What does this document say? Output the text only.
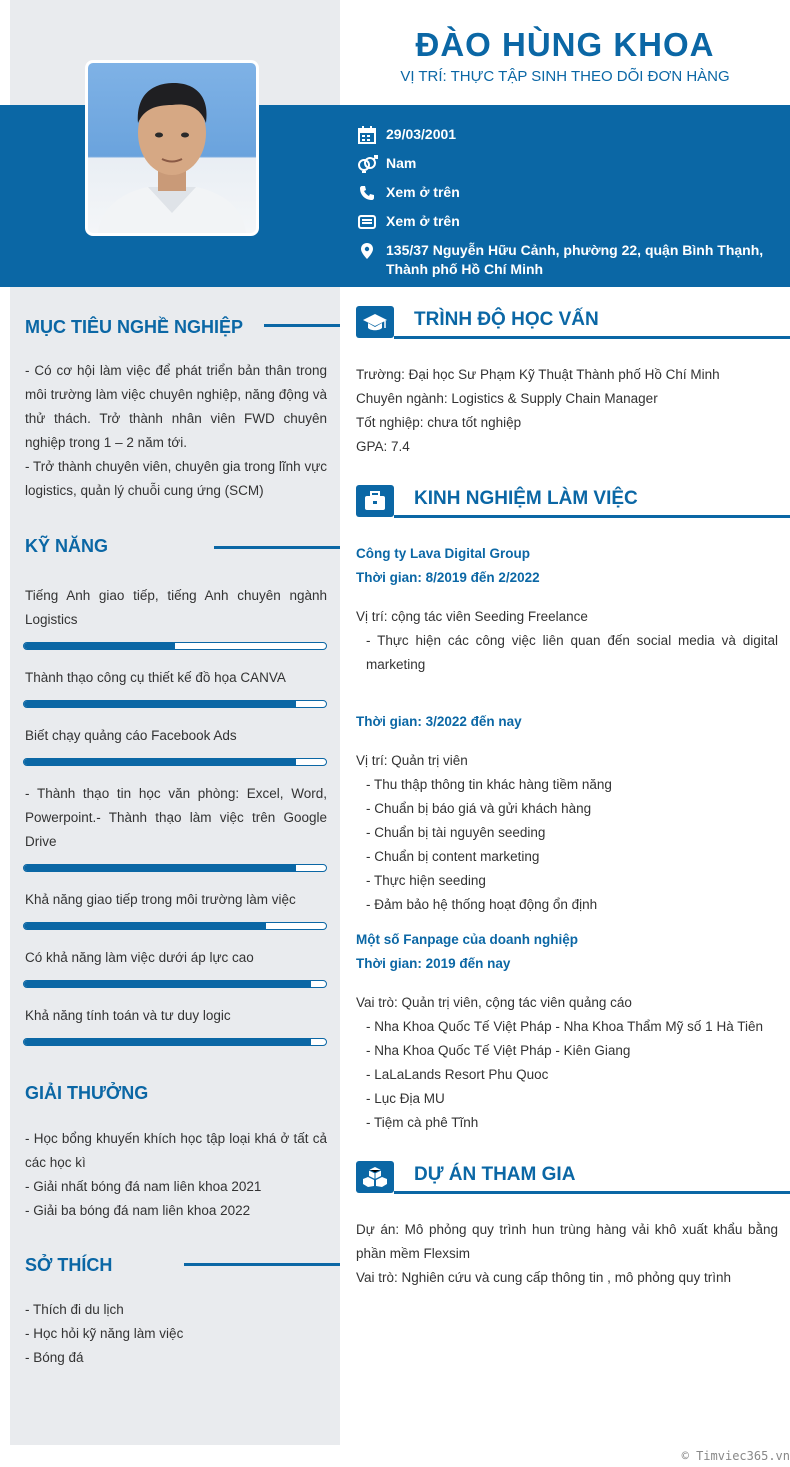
ĐÀO HÙNG KHOA
VỊ TRÍ: THỰC TẬP SINH THEO DÕI ĐƠN HÀNG
29/03/2001
Nam
Xem ở trên
Xem ở trên
135/37 Nguyễn Hữu Cảnh, phường 22, quận Bình Thạnh,
Thành phố Hồ Chí Minh
MỤC TIÊU NGHỀ NGHIỆP
- Có cơ hội làm việc để phát triển bản thân trong môi trường làm việc chuyên nghiệp, năng động và thử thách. Trở thành nhân viên FWD chuyên nghiệp trong 1 – 2 năm tới.
- Trở thành chuyên viên, chuyên gia trong lĩnh vực logistics, quản lý chuỗi cung ứng (SCM)
KỸ NĂNG
Tiếng Anh giao tiếp, tiếng Anh chuyên ngành Logistics
Thành thạo công cụ thiết kế đồ họa CANVA
Biết chạy quảng cáo Facebook Ads
- Thành thạo tin học văn phòng: Excel, Word, Powerpoint.- Thành thạo làm việc trên Google Drive
Khả năng giao tiếp trong môi trường làm việc
Có khả năng làm việc dưới áp lực cao
Khả năng tính toán và tư duy logic
GIẢI THƯỞNG
- Học bổng khuyến khích học tập loại khá ở tất cả các học kì
- Giải nhất bóng đá nam liên khoa 2021
- Giải ba bóng đá nam liên khoa 2022
SỞ THÍCH
- Thích đi du lịch
- Học hỏi kỹ năng làm việc
- Bóng đá
TRÌNH ĐỘ HỌC VẤN
Trường: Đại học Sư Phạm Kỹ Thuật Thành phố Hồ Chí Minh
Chuyên ngành: Logistics & Supply Chain Manager
Tốt nghiệp: chưa tốt nghiệp
GPA: 7.4
KINH NGHIỆM LÀM VIỆC
Công ty Lava Digital Group
Thời gian: 8/2019 đến 2/2022
Vị trí: cộng tác viên Seeding Freelance
- Thực hiện các công việc liên quan đến social media và digital marketing
Thời gian: 3/2022 đến nay
Vị trí: Quản trị viên
- Thu thập thông tin khác hàng tiềm năng
- Chuẩn bị báo giá và gửi khách hàng
- Chuẩn bị tài nguyên seeding
- Chuẩn bị content marketing
- Thực hiện seeding
- Đảm bảo hệ thống hoạt động ổn định
Một số Fanpage của doanh nghiệp
Thời gian: 2019 đến nay
Vai trò: Quản trị viên, cộng tác viên quảng cáo
- Nha Khoa Quốc Tế Việt Pháp - Nha Khoa Thẩm Mỹ số 1 Hà Tiên
- Nha Khoa Quốc Tế Việt Pháp - Kiên Giang
- LaLaLands Resort Phu Quoc
- Lục Địa MU
- Tiệm cà phê Tĩnh
DỰ ÁN THAM GIA
Dự án: Mô phỏng quy trình hun trùng hàng vải khô xuất khẩu bằng phần mềm Flexsim
Vai trò: Nghiên cứu và cung cấp thông tin , mô phỏng quy trình
© Timviec365.vn
